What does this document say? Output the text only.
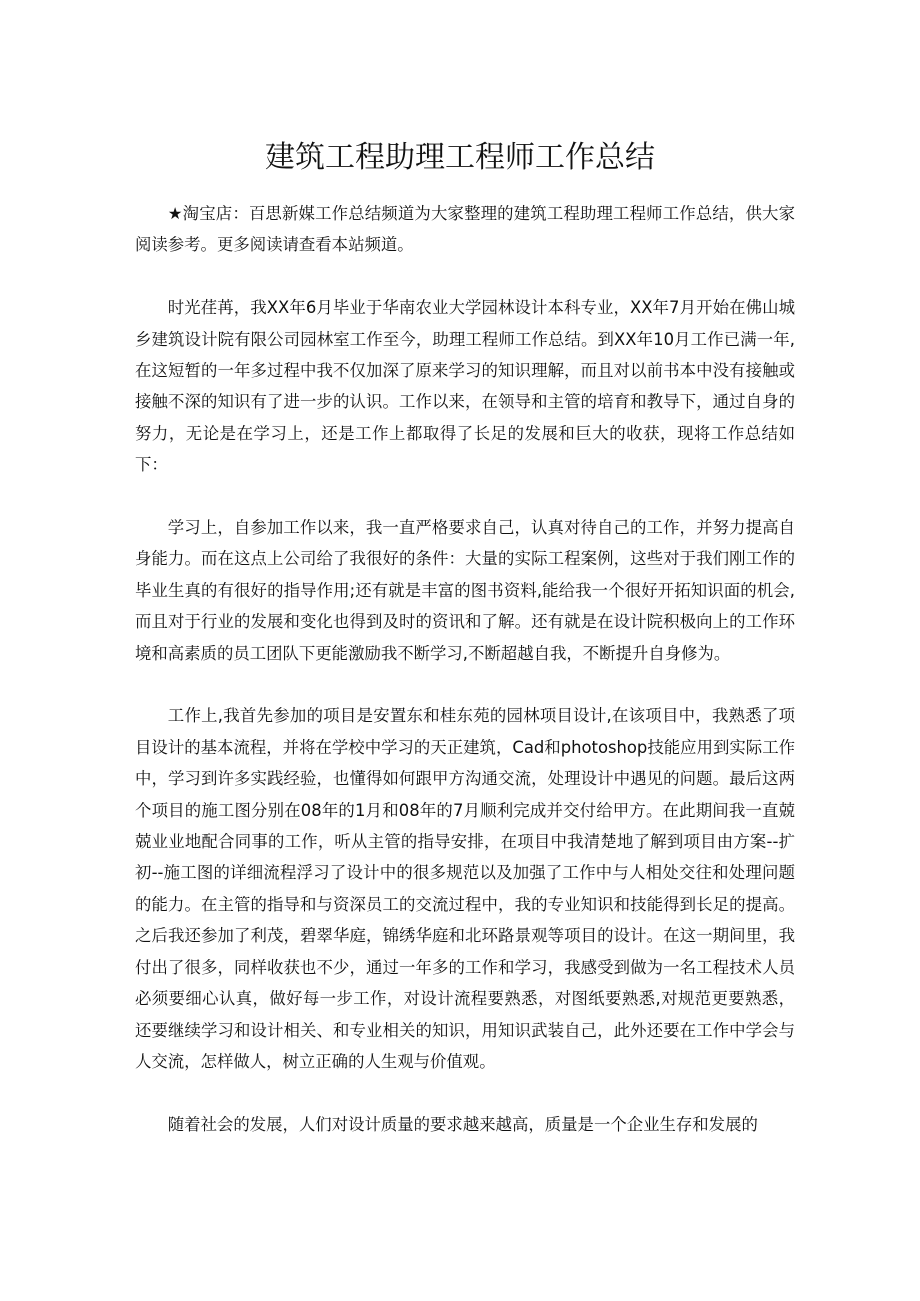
建筑工程助理工程师工作总结

★淘宝店：百思新媒工作总结频道为大家整理的建筑工程助理工程师工作总结，供大家阅读参考。更多阅读请查看本站频道。

时光荏苒，我XX年6月毕业于华南农业大学园林设计本科专业，XX年7月开始在佛山城乡建筑设计院有限公司园林室工作至今，助理工程师工作总结。到XX年10月工作已满一年,在这短暂的一年多过程中我不仅加深了原来学习的知识理解，而且对以前书本中没有接触或接触不深的知识有了进一步的认识。工作以来，在领导和主管的培育和教导下，通过自身的努力，无论是在学习上，还是工作上都取得了长足的发展和巨大的收获，现将工作总结如下：

学习上，自参加工作以来，我一直严格要求自己，认真对待自己的工作，并努力提高自身能力。而在这点上公司给了我很好的条件：大量的实际工程案例，这些对于我们刚工作的毕业生真的有很好的指导作用;还有就是丰富的图书资料,能给我一个很好开拓知识面的机会,而且对于行业的发展和变化也得到及时的资讯和了解。还有就是在设计院积极向上的工作环境和高素质的员工团队下更能激励我不断学习,不断超越自我，不断提升自身修为。

工作上,我首先参加的项目是安置东和桂东苑的园林项目设计,在该项目中，我熟悉了项目设计的基本流程，并将在学校中学习的天正建筑，Cad和photoshop技能应用到实际工作中，学习到许多实践经验，也懂得如何跟甲方沟通交流，处理设计中遇见的问题。最后这两个项目的施工图分别在08年的1月和08年的7月顺利完成并交付给甲方。在此期间我一直兢兢业业地配合同事的工作，听从主管的指导安排，在项目中我清楚地了解到项目由方案--扩初--施工图的详细流程浮习了设计中的很多规范以及加强了工作中与人相处交往和处理问题的能力。在主管的指导和与资深员工的交流过程中，我的专业知识和技能得到长足的提高。之后我还参加了利茂，碧翠华庭，锦绣华庭和北环路景观等项目的设计。在这一期间里，我付出了很多，同样收获也不少，通过一年多的工作和学习，我感受到做为一名工程技术人员必须要细心认真，做好每一步工作，对设计流程要熟悉，对图纸要熟悉,对规范更要熟悉，还要继续学习和设计相关、和专业相关的知识，用知识武装自己，此外还要在工作中学会与人交流，怎样做人，树立正确的人生观与价值观。

随着社会的发展，人们对设计质量的要求越来越高，质量是一个企业生存和发展的
